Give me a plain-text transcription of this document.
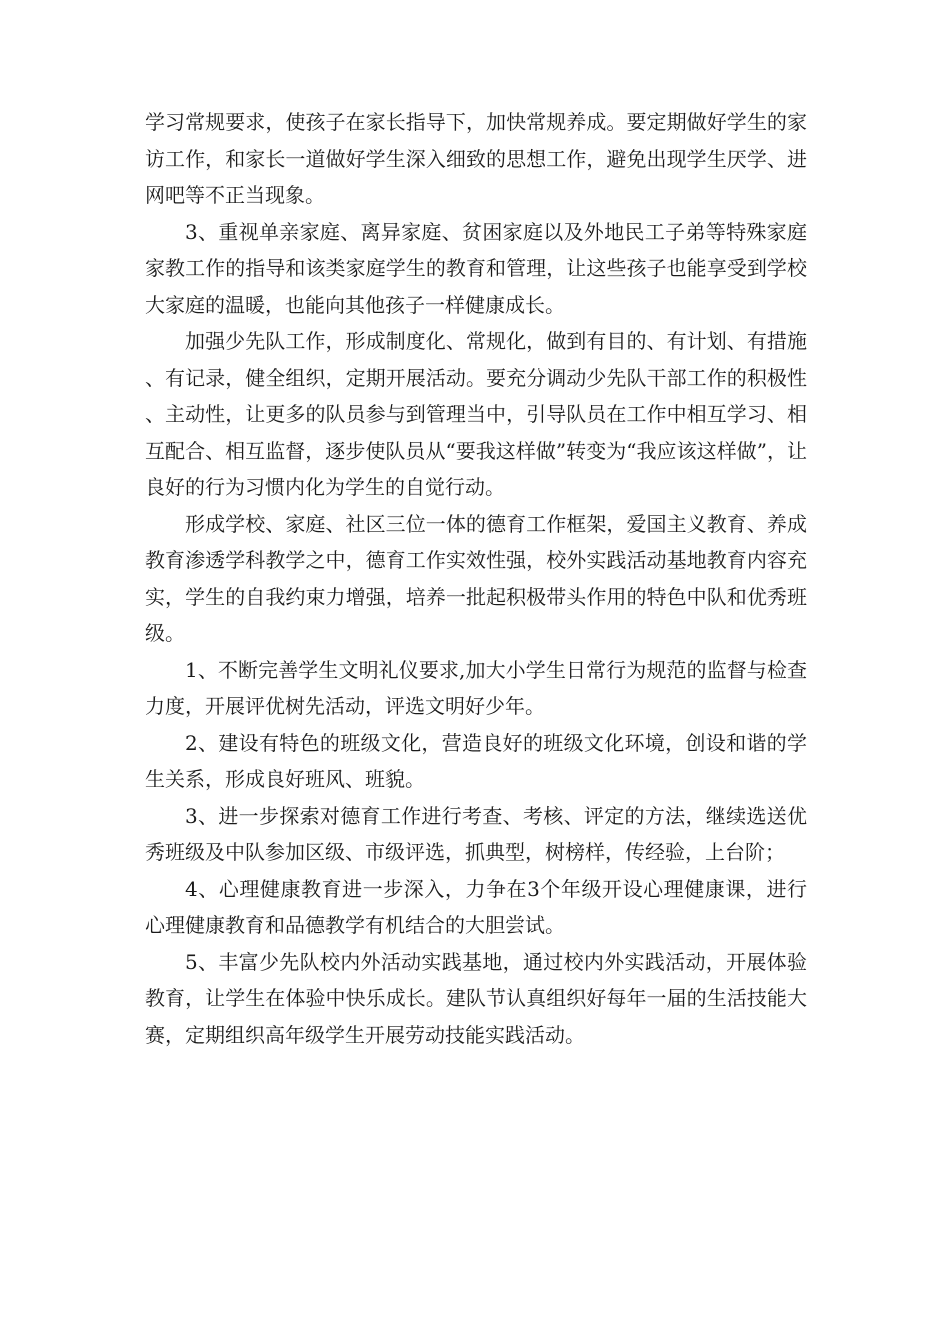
学习常规要求，使孩子在家长指导下，加快常规养成。要定期做好学生的家访工作，和家长一道做好学生深入细致的思想工作，避免出现学生厌学、进网吧等不正当现象。

3、重视单亲家庭、离异家庭、贫困家庭以及外地民工子弟等特殊家庭家教工作的指导和该类家庭学生的教育和管理，让这些孩子也能享受到学校大家庭的温暖，也能向其他孩子一样健康成长。

加强少先队工作，形成制度化、常规化，做到有目的、有计划、有措施、有记录，健全组织，定期开展活动。要充分调动少先队干部工作的积极性、主动性，让更多的队员参与到管理当中，引导队员在工作中相互学习、相互配合、相互监督，逐步使队员从“要我这样做”转变为“我应该这样做”，让良好的行为习惯内化为学生的自觉行动。

形成学校、家庭、社区三位一体的德育工作框架，爱国主义教育、养成教育渗透学科教学之中，德育工作实效性强，校外实践活动基地教育内容充实，学生的自我约束力增强，培养一批起积极带头作用的特色中队和优秀班级。

1、不断完善学生文明礼仪要求,加大小学生日常行为规范的监督与检查力度，开展评优树先活动，评选文明好少年。

2、建设有特色的班级文化，营造良好的班级文化环境，创设和谐的学生关系，形成良好班风、班貌。

3、进一步探索对德育工作进行考查、考核、评定的方法，继续选送优秀班级及中队参加区级、市级评选，抓典型，树榜样，传经验，上台阶；

4、心理健康教育进一步深入，力争在3个年级开设心理健康课，进行心理健康教育和品德教学有机结合的大胆尝试。

5、丰富少先队校内外活动实践基地，通过校内外实践活动，开展体验教育，让学生在体验中快乐成长。建队节认真组织好每年一届的生活技能大赛，定期组织高年级学生开展劳动技能实践活动。
